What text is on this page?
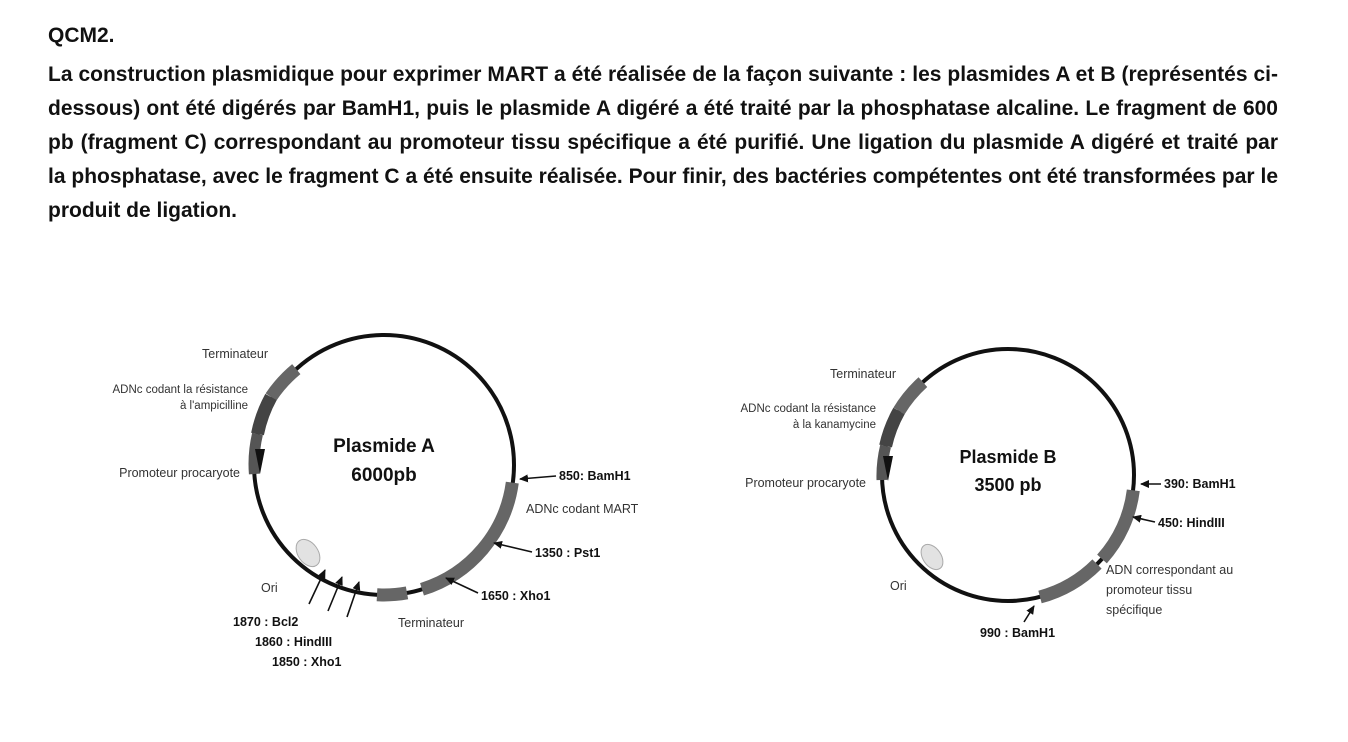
QCM2.

La construction plasmidique pour exprimer MART a été réalisée de la façon suivante : les plasmides A et B (représentés ci-dessous) ont été digérés par BamH1, puis le plasmide A digéré a été traité par la phosphatase alcaline. Le fragment de 600 pb (fragment C) correspondant au promoteur tissu spécifique a été purifié. Une ligation du plasmide A digéré et traité par la phosphatase, avec le fragment C a été ensuite réalisée. Pour finir, des bactéries compétentes ont été transformées par le produit de ligation.

Plasmide A
6000pb
Terminateur
ADNc codant la résistance
à l'ampicilline
Promoteur procaryote
Ori
Terminateur
ADNc codant MART
850: BamH1
1350 : Pst1
1650 : Xho1
1870 : Bcl2
1860 : HindIII
1850 : Xho1
Plasmide B
3500 pb
Terminateur
ADNc codant la résistance
à la kanamycine
Promoteur procaryote
Ori
ADN correspondant au
promoteur tissu
spécifique
390: BamH1
450: HindIII
990 : BamH1
